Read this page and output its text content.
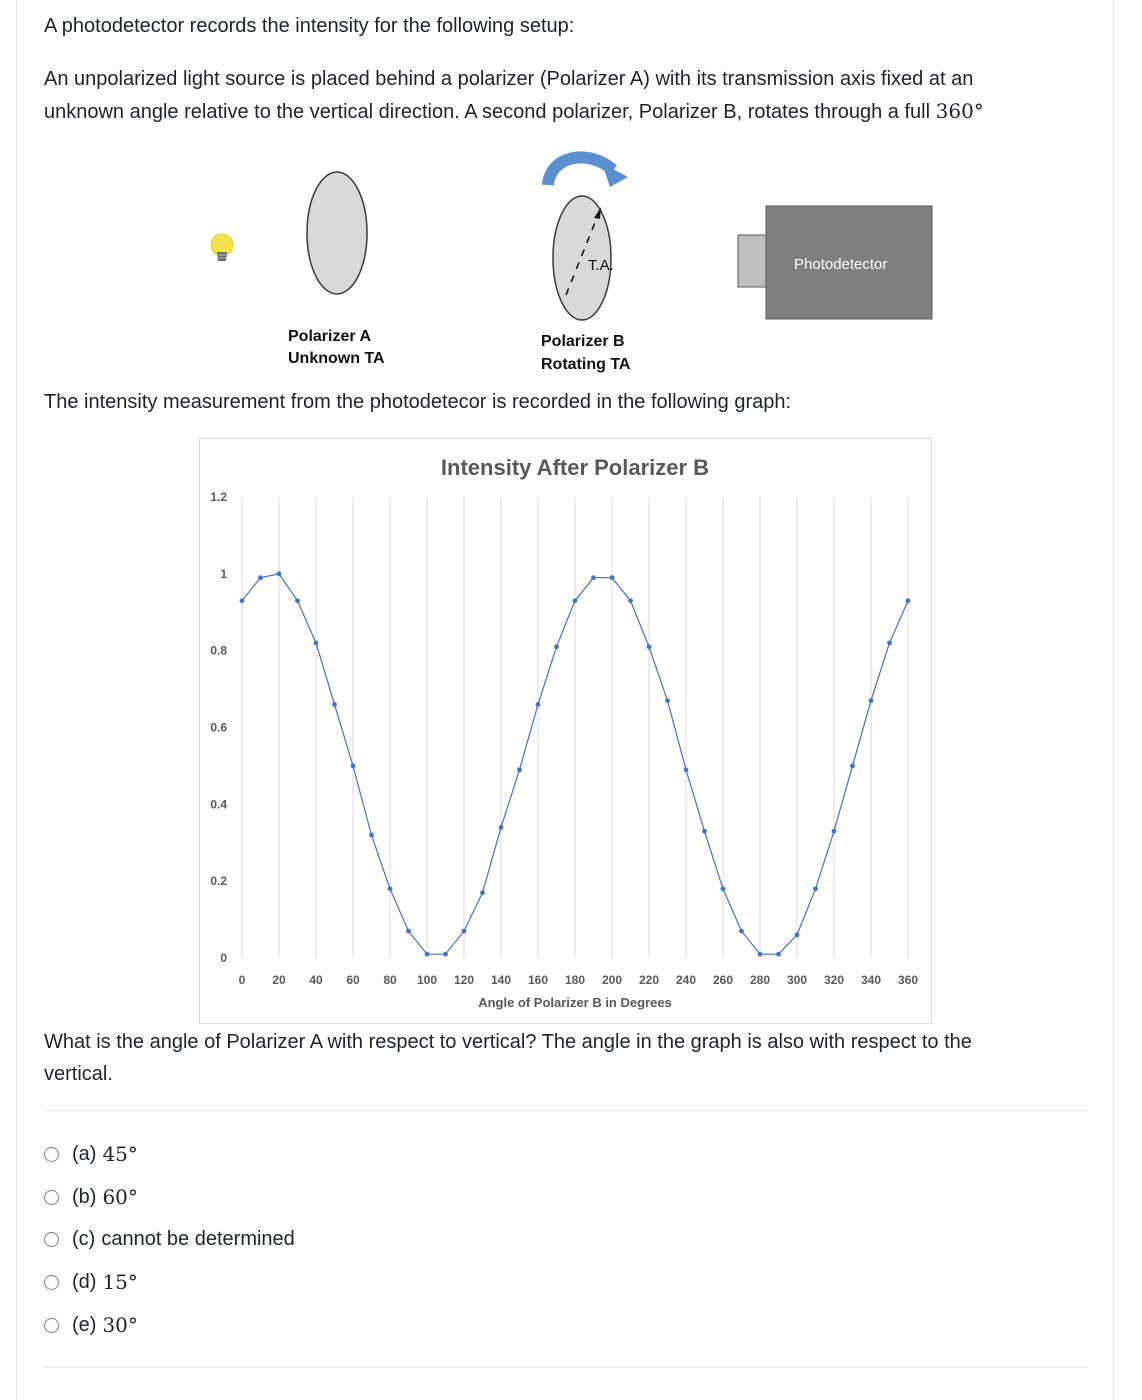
A photodetector records the intensity for the following setup:

An unpolarized light source is placed behind a polarizer (Polarizer A) with its transmission axis fixed at an

unknown angle relative to the vertical direction. A second polarizer, Polarizer B, rotates through a full 360°

Polarizer A
Unknown TA
T.A.
Polarizer B
Rotating TA
Photodetector

The intensity measurement from the photodetecor is recorded in the following graph:

Intensity After Polarizer B
0
0.2
0.4
0.6
0.8
1
1.2
0 20 40 60 80 100 120 140 160 180 200 220 240 260 280 300 320 340 360
Angle of Polarizer B in Degrees

What is the angle of Polarizer A with respect to vertical? The angle in the graph is also with respect to the

vertical.

(a) 45°
(b) 60°
(c) cannot be determined
(d) 15°
(e) 30°
